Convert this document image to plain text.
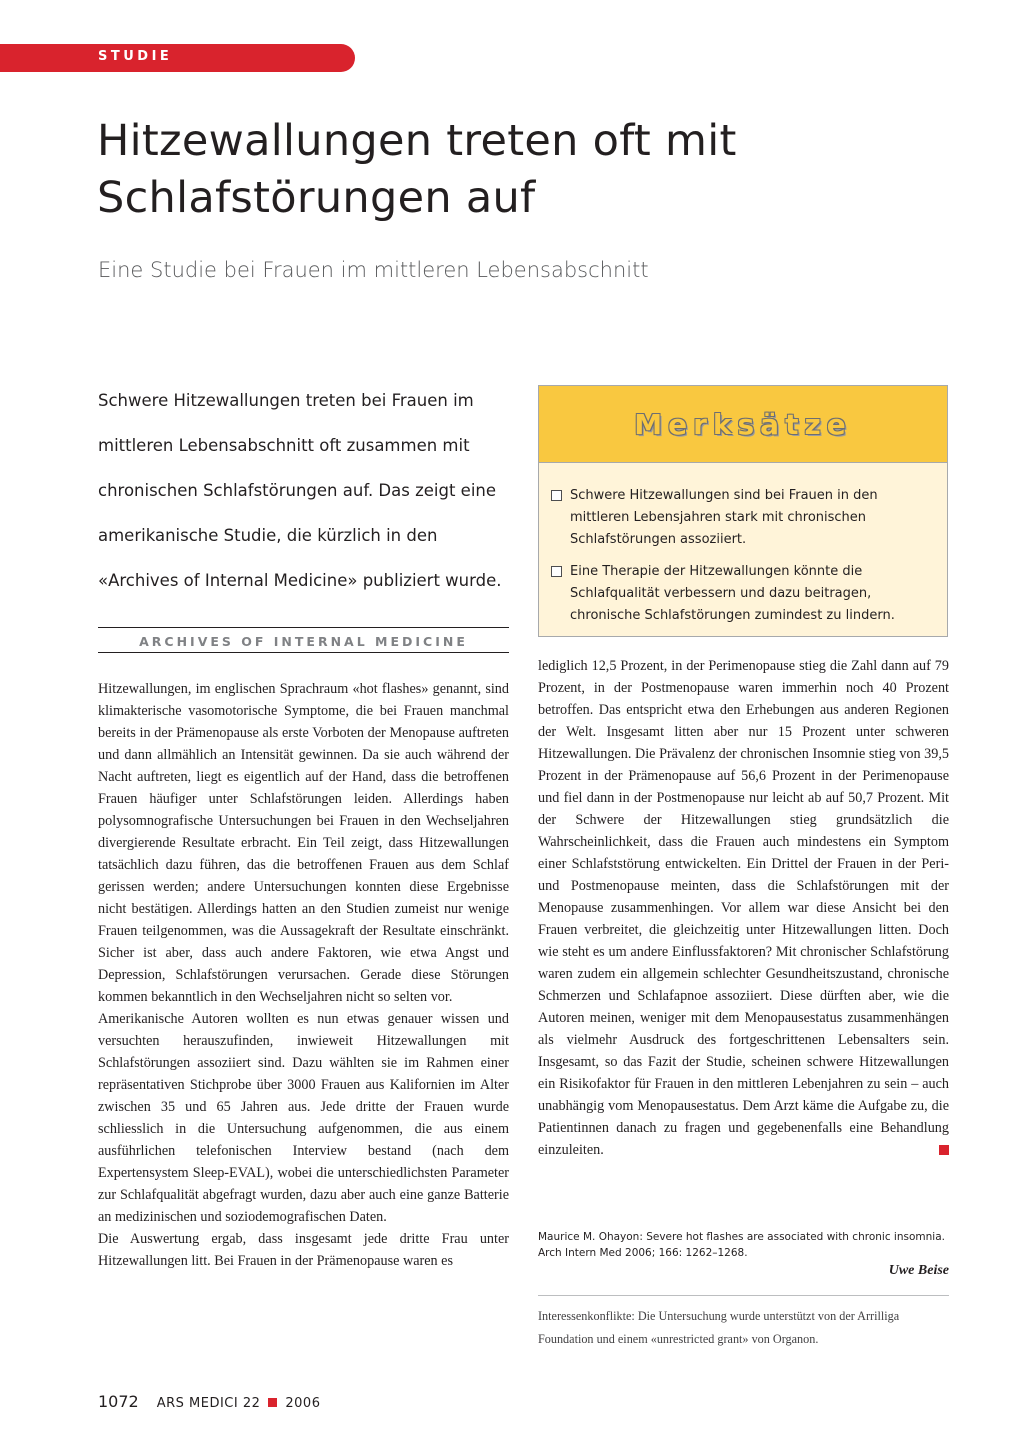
STUDIE
Hitzewallungen treten oft mit Schlafstörungen auf

Eine Studie bei Frauen im mittleren Lebensabschnitt

Schwere Hitzewallungen treten bei Frauen im mittleren Lebensabschnitt oft zusammen mit chronischen Schlafstörungen auf. Das zeigt eine amerikanische Studie, die kürzlich in den «Archives of Internal Medicine» publiziert wurde.

ARCHIVES OF INTERNAL MEDICINE

Hitzewallungen, im englischen Sprachraum «hot flashes» genannt, sind klimakterische vasomotorische Symptome, die bei Frauen manchmal bereits in der Prämenopause als erste Vorboten der Menopause auftreten und dann allmählich an Intensität gewinnen. Da sie auch während der Nacht auftreten, liegt es eigentlich auf der Hand, dass die betroffenen Frauen häufiger unter Schlafstörungen leiden. Allerdings haben polysomnografische Untersuchungen bei Frauen in den Wechseljahren divergierende Resultate erbracht. Ein Teil zeigt, dass Hitzewallungen tatsächlich dazu führen, das die betroffenen Frauen aus dem Schlaf gerissen werden; andere Untersuchungen konnten diese Ergebnisse nicht bestätigen. Allerdings hatten an den Studien zumeist nur wenige Frauen teilgenommen, was die Aussagekraft der Resultate einschränkt. Sicher ist aber, dass auch andere Faktoren, wie etwa Angst und Depression, Schlafstörungen verursachen. Gerade diese Störungen kommen bekanntlich in den Wechseljahren nicht so selten vor.

Amerikanische Autoren wollten es nun etwas genauer wissen und versuchten herauszufinden, inwieweit Hitzewallungen mit Schlafstörungen assoziiert sind. Dazu wählten sie im Rahmen einer repräsentativen Stichprobe über 3000 Frauen aus Kalifornien im Alter zwischen 35 und 65 Jahren aus. Jede dritte der Frauen wurde schliesslich in die Untersuchung aufgenommen, die aus einem ausführlichen telefonischen Interview bestand (nach dem Expertensystem Sleep-EVAL), wobei die unterschiedlichsten Parameter zur Schlafqualität abgefragt wurden, dazu aber auch eine ganze Batterie an medizinischen und soziodemografischen Daten.

Die Auswertung ergab, dass insgesamt jede dritte Frau unter Hitzewallungen litt. Bei Frauen in der Prämenopause waren es

Merksätze
Schwere Hitzewallungen sind bei Frauen in den mittleren Lebensjahren stark mit chronischen Schlafstörungen assoziiert.
Eine Therapie der Hitzewallungen könnte die Schlafqualität verbessern und dazu beitragen, chronische Schlafstörungen zumindest zu lindern.

lediglich 12,5 Prozent, in der Perimenopause stieg die Zahl dann auf 79 Prozent, in der Postmenopause waren immerhin noch 40 Prozent betroffen. Das entspricht etwa den Erhebungen aus anderen Regionen der Welt. Insgesamt litten aber nur 15 Prozent unter schweren Hitzewallungen. Die Prävalenz der chronischen Insomnie stieg von 39,5 Prozent in der Prämenopause auf 56,6 Prozent in der Perimenopause und fiel dann in der Postmenopause nur leicht ab auf 50,7 Prozent. Mit der Schwere der Hitzewallungen stieg grundsätzlich die Wahrscheinlichkeit, dass die Frauen auch mindestens ein Symptom einer Schlafststörung entwickelten. Ein Drittel der Frauen in der Peri- und Postmenopause meinten, dass die Schlafstörungen mit der Menopause zusammenhingen. Vor allem war diese Ansicht bei den Frauen verbreitet, die gleichzeitig unter Hitzewallungen litten. Doch wie steht es um andere Einflussfaktoren? Mit chronischer Schlafstörung waren zudem ein allgemein schlechter Gesundheitszustand, chronische Schmerzen und Schlafapnoe assoziiert. Diese dürften aber, wie die Autoren meinen, weniger mit dem Menopausestatus zusammenhängen als vielmehr Ausdruck des fortgeschrittenen Lebensalters sein. Insgesamt, so das Fazit der Studie, scheinen schwere Hitzewallungen ein Risikofaktor für Frauen in den mittleren Lebenjahren zu sein – auch unabhängig vom Menopausestatus. Dem Arzt käme die Aufgabe zu, die Patientinnen danach zu fragen und gegebenenfalls eine Behandlung einzuleiten.

Maurice M. Ohayon: Severe hot flashes are associated with chronic insomnia. Arch Intern Med 2006; 166: 1262–1268.
Uwe Beise
Interessenkonflikte: Die Untersuchung wurde unterstützt von der Arrilliga Foundation und einem «unrestricted grant» von Organon.
1072 ARS MEDICI 22 2006
